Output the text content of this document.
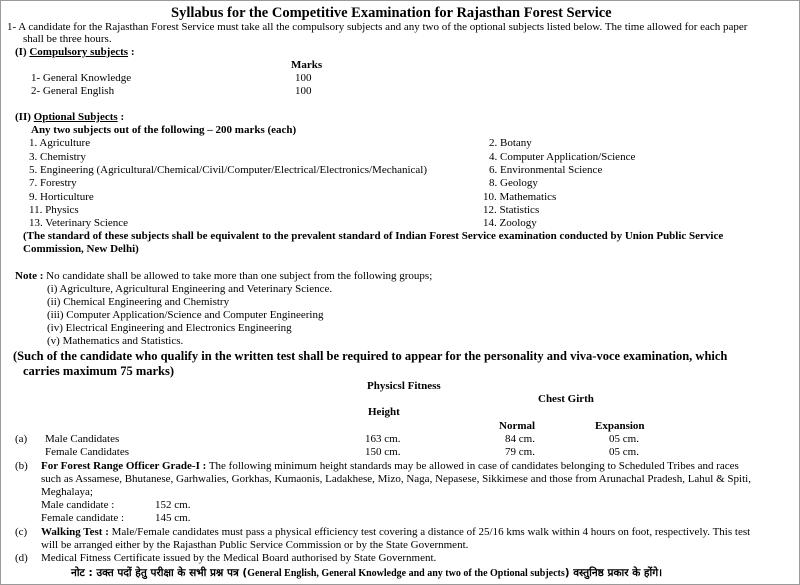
Syllabus for the Competitive Examination for Rajasthan Forest Service
1- A candidate for the Rajasthan Forest Service must take all the compulsory subjects and any two of the optional subjects listed below. The time allowed for each paper
shall be three hours.
(I) Compulsory subjects :
Marks
1- General Knowledge	100
2- General English	100
(II) Optional Subjects :
Any two subjects out of the following – 200 marks (each)
1. Agriculture
3. Chemistry
5. Engineering (Agricultural/Chemical/Civil/Computer/Electrical/Electronics/Mechanical)
7. Forestry
9. Horticulture
11. Physics
13. Veterinary Science
2. Botany
4. Computer Application/Science
6. Environmental Science
8. Geology
10. Mathematics
12. Statistics
14. Zoology
(The standard of these subjects shall be equivalent to the prevalent standard of Indian Forest Service examination conducted by Union Public Service
Commission, New Delhi)
Note : No candidate shall be allowed to take more than one subject from the following groups;
(i) Agriculture, Agricultural Engineering and Veterinary Science.
(ii) Chemical Engineering and Chemistry
(iii) Computer Application/Science and Computer Engineering
(iv) Electrical Engineering and Electronics Engineering
(v) Mathematics and Statistics.
(Such of the candidate who qualify in the written test shall be required to appear for the personality and viva-voce examination, which
carries maximum 75 marks)
Physicsl Fitness
Chest Girth
Height
Normal	Expansion
(a) Male Candidates	163 cm.	84 cm.	05 cm.
Female Candidates	150 cm.	79 cm.	05 cm.
(b) For Forest Range Officer Grade-I : The following minimum height standards may be allowed in case of candidates belonging to Scheduled Tribes and races
such as Assamese, Bhutanese, Garhwalies, Gorkhas, Kumaonis, Ladakhese, Mizo, Naga, Nepasese, Sikkimese and those from Arunachal Pradesh, Lahul & Spiti,
Meghalaya;
Male candidate :	152 cm.
Female candidate :	145 cm.
(c) Walking Test : Male/Female candidates must pass a physical efficiency test covering a distance of 25/16 kms walk within 4 hours on foot, respectively. This test
will be arranged either by the Rajasthan Public Service Commission or by the State Government.
(d) Medical Fitness Certificate issued by the Medical Board authorised by State Government.
नोट : उक्त पदों हेतु परीक्षा के सभी प्रश्न पत्र (General English, General Knowledge and any two of the Optional subjects) वस्तुनिष्ठ प्रकार के होंगे।
